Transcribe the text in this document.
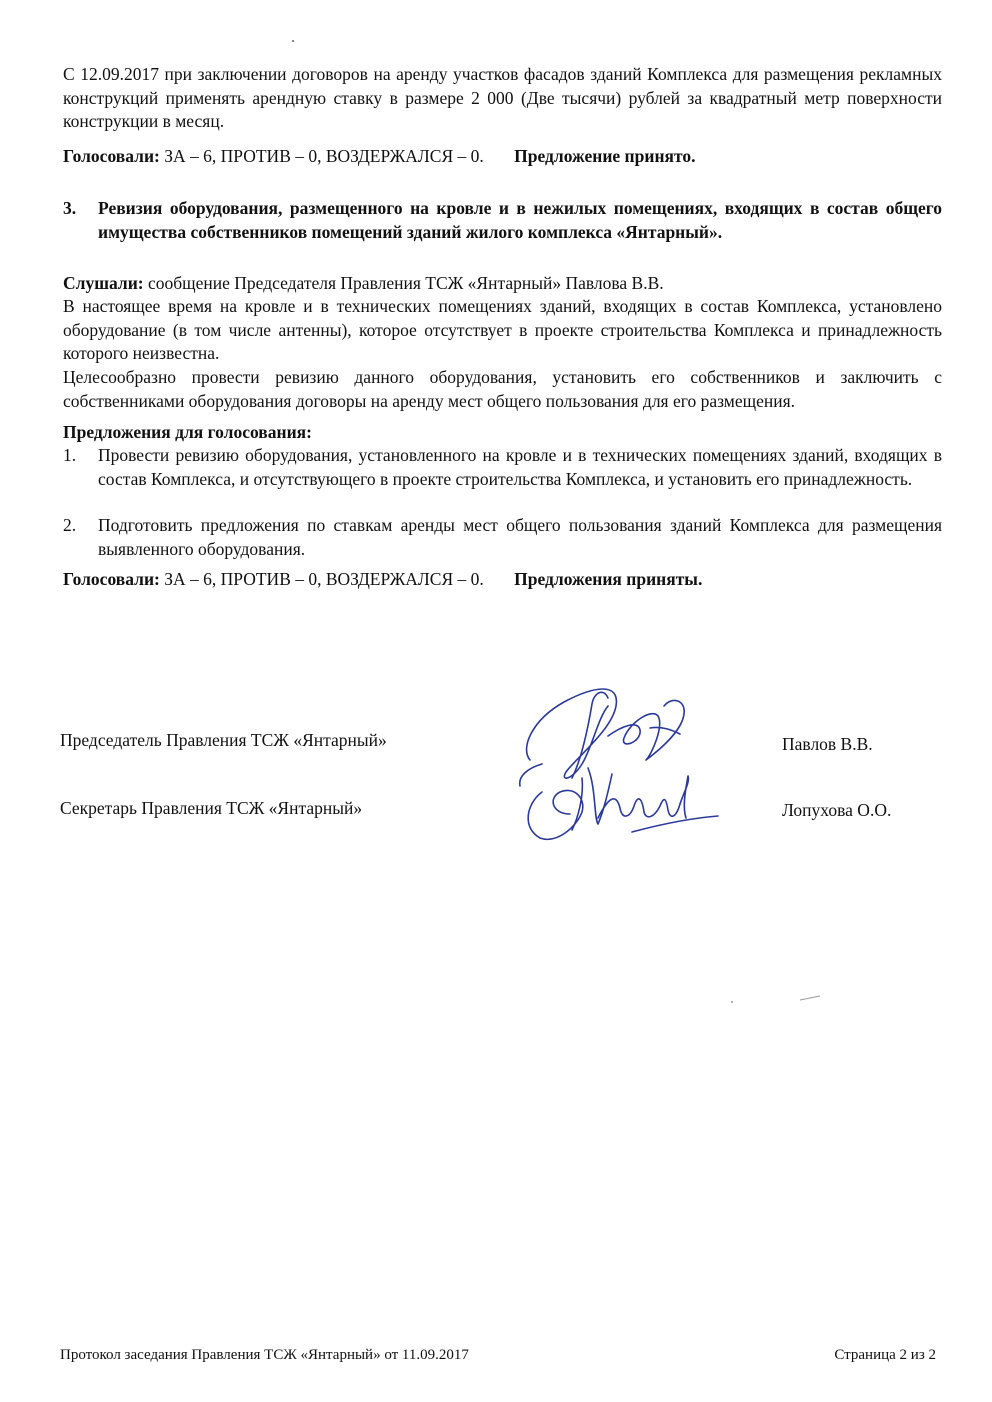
С 12.09.2017 при заключении договоров на аренду участков фасадов зданий Комплекса для размещения рекламных конструкций применять арендную ставку в размере 2 000 (Две тысячи) рублей за квадратный метр поверхности конструкции в месяц.
Голосовали: ЗА – 6, ПРОТИВ – 0, ВОЗДЕРЖАЛСЯ – 0. Предложение принято.
3. Ревизия оборудования, размещенного на кровле и в нежилых помещениях, входящих в состав общего имущества собственников помещений зданий жилого комплекса «Янтарный».
Слушали: сообщение Председателя Правления ТСЖ «Янтарный» Павлова В.В.
В настоящее время на кровле и в технических помещениях зданий, входящих в состав Комплекса, установлено оборудование (в том числе антенны), которое отсутствует в проекте строительства Комплекса и принадлежность которого неизвестна.
Целесообразно провести ревизию данного оборудования, установить его собственников и заключить с собственниками оборудования договоры на аренду мест общего пользования для его размещения.
Предложения для голосования:
1. Провести ревизию оборудования, установленного на кровле и в технических помещениях зданий, входящих в состав Комплекса, и отсутствующего в проекте строительства Комплекса, и установить его принадлежность.
2. Подготовить предложения по ставкам аренды мест общего пользования зданий Комплекса для размещения выявленного оборудования.
Голосовали: ЗА – 6, ПРОТИВ – 0, ВОЗДЕРЖАЛСЯ – 0. Предложения приняты.
Председатель Правления ТСЖ «Янтарный»	Павлов В.В.
Секретарь Правления ТСЖ «Янтарный»	Лопухова О.О.
Протокол заседания Правления ТСЖ «Янтарный» от 11.09.2017	Страница 2 из 2
